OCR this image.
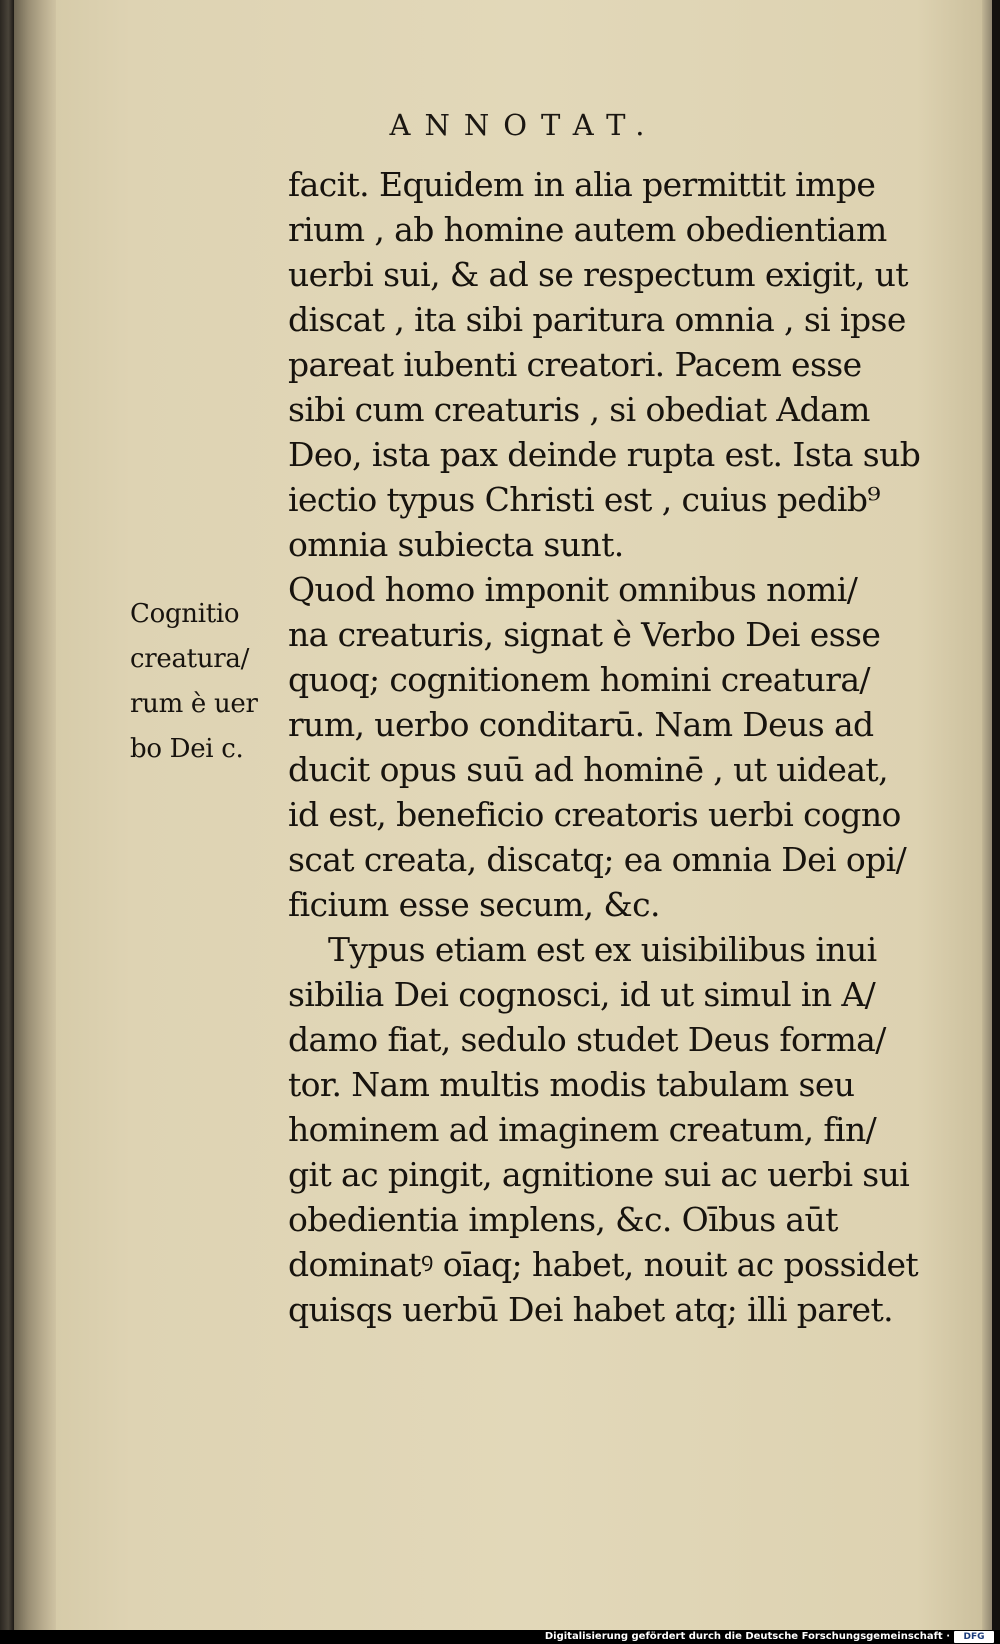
ANNOTAT.
Cognitio
creatura/
rum è uer
bo Dei c.
facit. Equidem in alia permittit impe
rium , ab homine autem obedientiam
uerbi sui, & ad se respectum exigit, ut
discat , ita sibi paritura omnia , si ipse
pareat iubenti creatori. Pacem esse
sibi cum creaturis , si obediat Adam
Deo, ista pax deinde rupta est. Ista sub
iectio typus Christi est , cuius pedib⁹
omnia subiecta sunt.
Quod homo imponit omnibus nomi/
na creaturis, signat è Verbo Dei esse
quoq; cognitionem homini creatura/
rum, uerbo conditarū. Nam Deus ad
ducit opus suū ad hominē , ut uideat,
id est, beneficio creatoris uerbi cogno
scat creata, discatq; ea omnia Dei opi/
ficium esse secum, &c.
Typus etiam est ex uisibilibus inui
sibilia Dei cognosci, id ut simul in A/
damo fiat, sedulo studet Deus forma/
tor. Nam multis modis tabulam seu
hominem ad imaginem creatum, fin/
git ac pingit, agnitione sui ac uerbi sui
obedientia implens, &c. Oībus aūt
dominatꝰ oīaq; habet, nouit ac possidet
quisqs uerbū Dei habet atq; illi paret.
Digitalisierung gefördert durch die Deutsche Forschungsgemeinschaft ·	DFG
